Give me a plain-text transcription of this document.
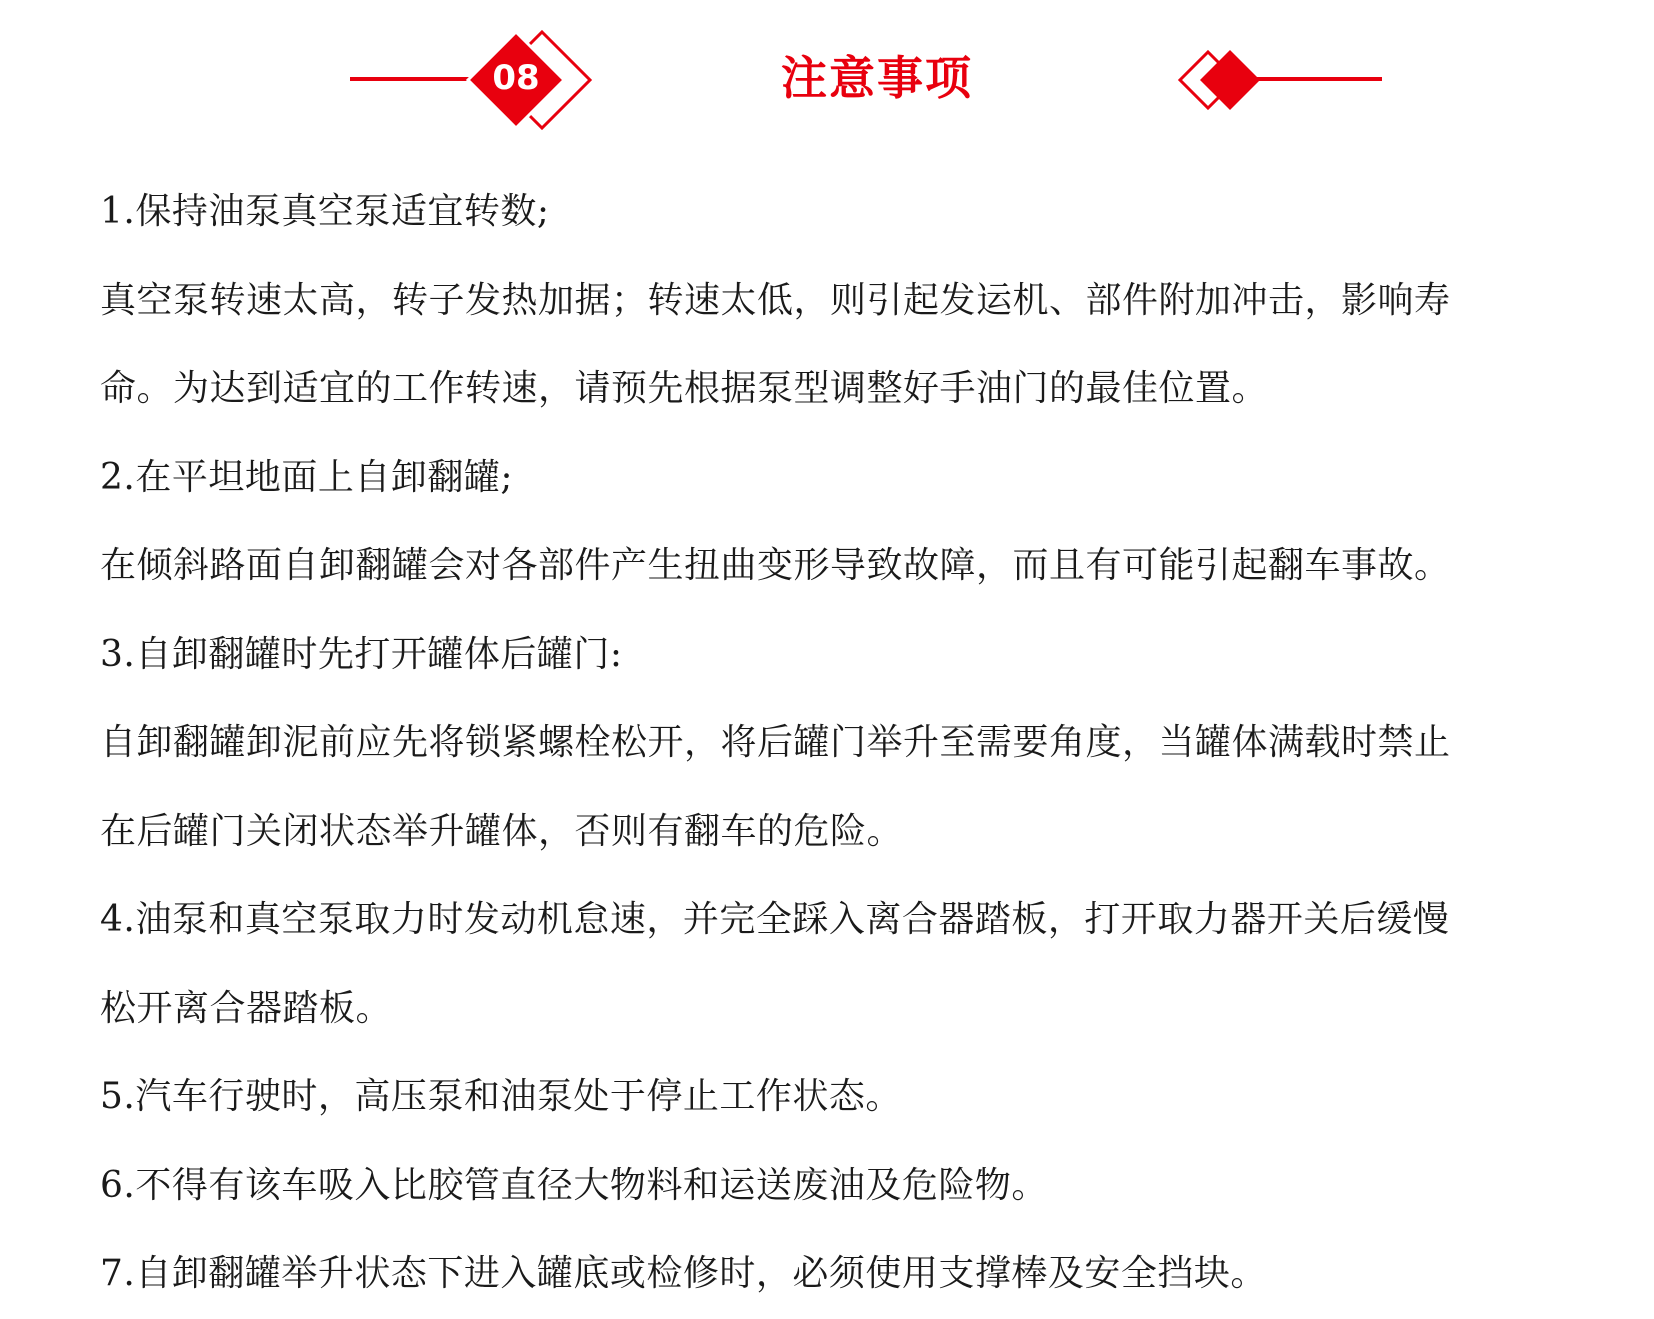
08	注意事项
1.保持油泵真空泵适宜转数;
真空泵转速太高，转子发热加据；转速太低，则引起发运机、部件附加冲击，影响寿
命。为达到适宜的工作转速，请预先根据泵型调整好手油门的最佳位置。
2.在平坦地面上自卸翻罐;
在倾斜路面自卸翻罐会对各部件产生扭曲变形导致故障，而且有可能引起翻车事故。
3.自卸翻罐时先打开罐体后罐门:
自卸翻罐卸泥前应先将锁紧螺栓松开，将后罐门举升至需要角度，当罐体满载时禁止
在后罐门关闭状态举升罐体，否则有翻车的危险。
4.油泵和真空泵取力时发动机怠速，并完全踩入离合器踏板，打开取力器开关后缓慢
松开离合器踏板。
5.汽车行驶时，高压泵和油泵处于停止工作状态。
6.不得有该车吸入比胶管直径大物料和运送废油及危险物。
7.自卸翻罐举升状态下进入罐底或检修时，必须使用支撑棒及安全挡块。
